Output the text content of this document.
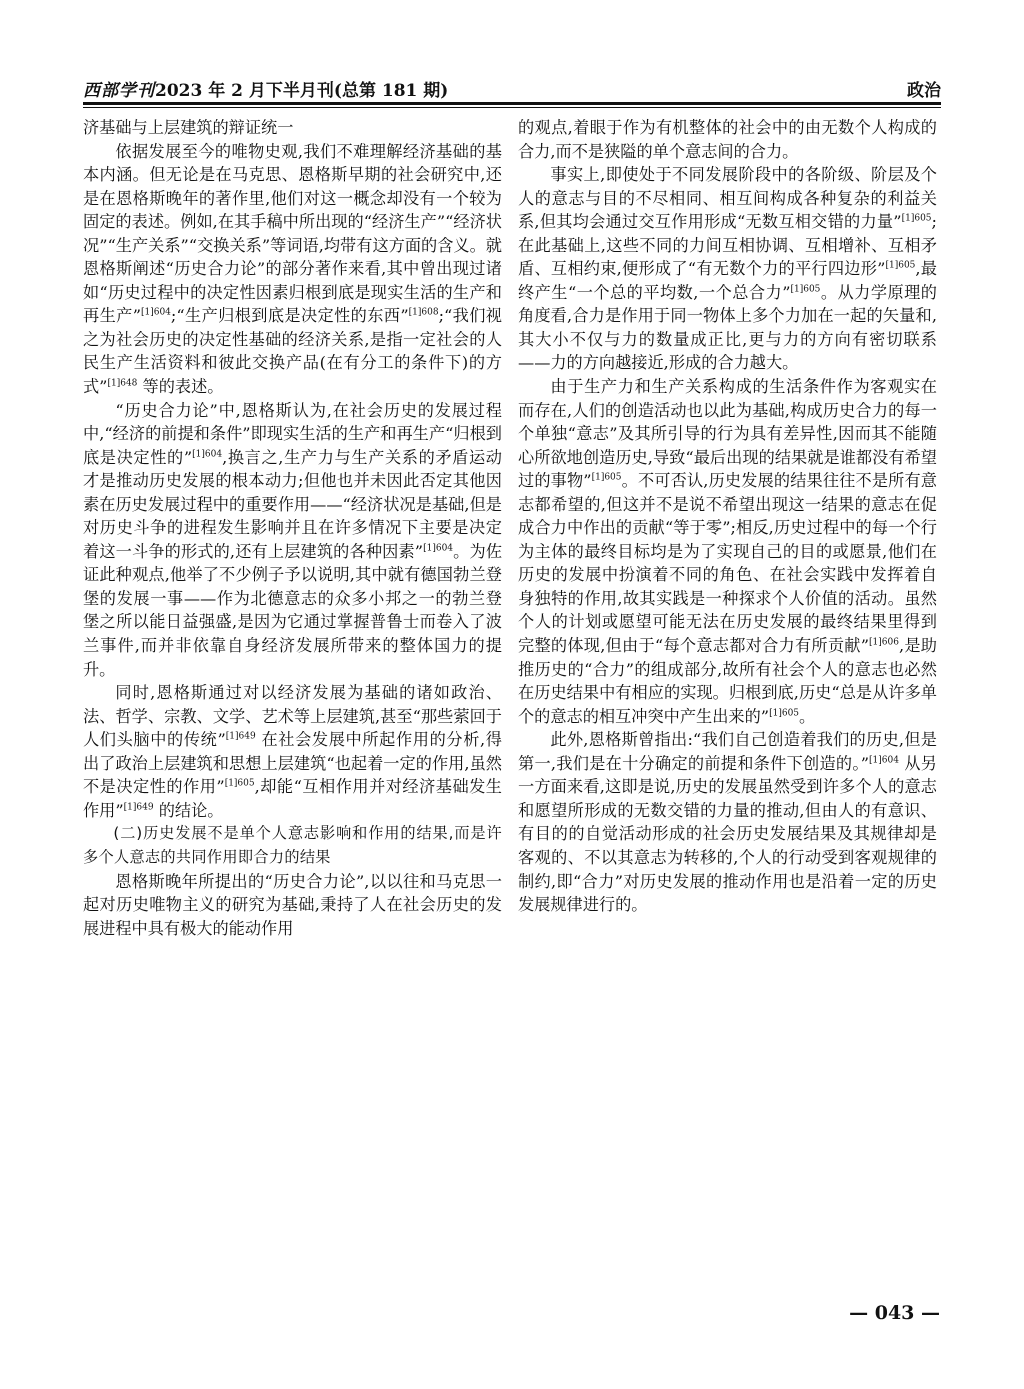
西部学刊2023 年 2 月下半月刊(总第 181 期)	政治

济基础与上层建筑的辩证统一

依据发展至今的唯物史观,我们不难理解经济基础的基本内涵。但无论是在马克思、恩格斯早期的社会研究中,还是在恩格斯晚年的著作里,他们对这一概念却没有一个较为固定的表述。例如,在其手稿中所出现的“经济生产”“经济状况”“生产关系”“交换关系”等词语,均带有这方面的含义。就恩格斯阐述“历史合力论”的部分著作来看,其中曾出现过诸如“历史过程中的决定性因素归根到底是现实生活的生产和再生产”$^{[1]604}$;“生产归根到底是决定性的东西”$^{[1]608}$;“我们视之为社会历史的决定性基础的经济关系,是指一定社会的人民生产生活资料和彼此交换产品(在有分工的条件下)的方式”$^{[1]648}$ 等的表述。

“历史合力论”中,恩格斯认为,在社会历史的发展过程中,“经济的前提和条件”即现实生活的生产和再生产“归根到底是决定性的”$^{[1]604}$,换言之,生产力与生产关系的矛盾运动才是推动历史发展的根本动力;但他也并未因此否定其他因素在历史发展过程中的重要作用——“经济状况是基础,但是对历史斗争的进程发生影响并且在许多情况下主要是决定着这一斗争的形式的,还有上层建筑的各种因素”$^{[1]604}$。为佐证此种观点,他举了不少例子予以说明,其中就有德国勃兰登堡的发展一事——作为北德意志的众多小邦之一的勃兰登堡之所以能日益强盛,是因为它通过掌握普鲁士而卷入了波兰事件,而并非依靠自身经济发展所带来的整体国力的提升。

同时,恩格斯通过对以经济发展为基础的诸如政治、法、哲学、宗教、文学、艺术等上层建筑,甚至“那些萦回于人们头脑中的传统”$^{[1]649}$ 在社会发展中所起作用的分析,得出了政治上层建筑和思想上层建筑“也起着一定的作用,虽然不是决定性的作用”$^{[1]605}$,却能“互相作用并对经济基础发生作用”$^{[1]649}$ 的结论。

(二)历史发展不是单个人意志影响和作用的结果,而是许多个人意志的共同作用即合力的结果

恩格斯晚年所提出的“历史合力论”,以以往和马克思一起对历史唯物主义的研究为基础,秉持了人在社会历史的发展进程中具有极大的能动作用

的观点,着眼于作为有机整体的社会中的由无数个人构成的合力,而不是狭隘的单个意志间的合力。

事实上,即使处于不同发展阶段中的各阶级、阶层及个人的意志与目的不尽相同、相互间构成各种复杂的利益关系,但其均会通过交互作用形成“无数互相交错的力量”$^{[1]605}$;在此基础上,这些不同的力间互相协调、互相增补、互相矛盾、互相约束,便形成了“有无数个力的平行四边形”$^{[1]605}$,最终产生“一个总的平均数,一个总合力”$^{[1]605}$。从力学原理的角度看,合力是作用于同一物体上多个力加在一起的矢量和,其大小不仅与力的数量成正比,更与力的方向有密切联系——力的方向越接近,形成的合力越大。

由于生产力和生产关系构成的生活条件作为客观实在而存在,人们的创造活动也以此为基础,构成历史合力的每一个单独“意志”及其所引导的行为具有差异性,因而其不能随心所欲地创造历史,导致“最后出现的结果就是谁都没有希望过的事物”$^{[1]605}$。不可否认,历史发展的结果往往不是所有意志都希望的,但这并不是说不希望出现这一结果的意志在促成合力中作出的贡献“等于零”;相反,历史过程中的每一个行为主体的最终目标均是为了实现自己的目的或愿景,他们在历史的发展中扮演着不同的角色、在社会实践中发挥着自身独特的作用,故其实践是一种探求个人价值的活动。虽然个人的计划或愿望可能无法在历史发展的最终结果里得到完整的体现,但由于“每个意志都对合力有所贡献”$^{[1]606}$,是助推历史的“合力”的组成部分,故所有社会个人的意志也必然在历史结果中有相应的实现。归根到底,历史“总是从许多单个的意志的相互冲突中产生出来的”$^{[1]605}$。

此外,恩格斯曾指出:“我们自己创造着我们的历史,但是第一,我们是在十分确定的前提和条件下创造的。”$^{[1]604}$ 从另一方面来看,这即是说,历史的发展虽然受到许多个人的意志和愿望所形成的无数交错的力量的推动,但由人的有意识、有目的的自觉活动形成的社会历史发展结果及其规律却是客观的、不以其意志为转移的,个人的行动受到客观规律的制约,即“合力”对历史发展的推动作用也是沿着一定的历史发展规律进行的。

— 043 —
